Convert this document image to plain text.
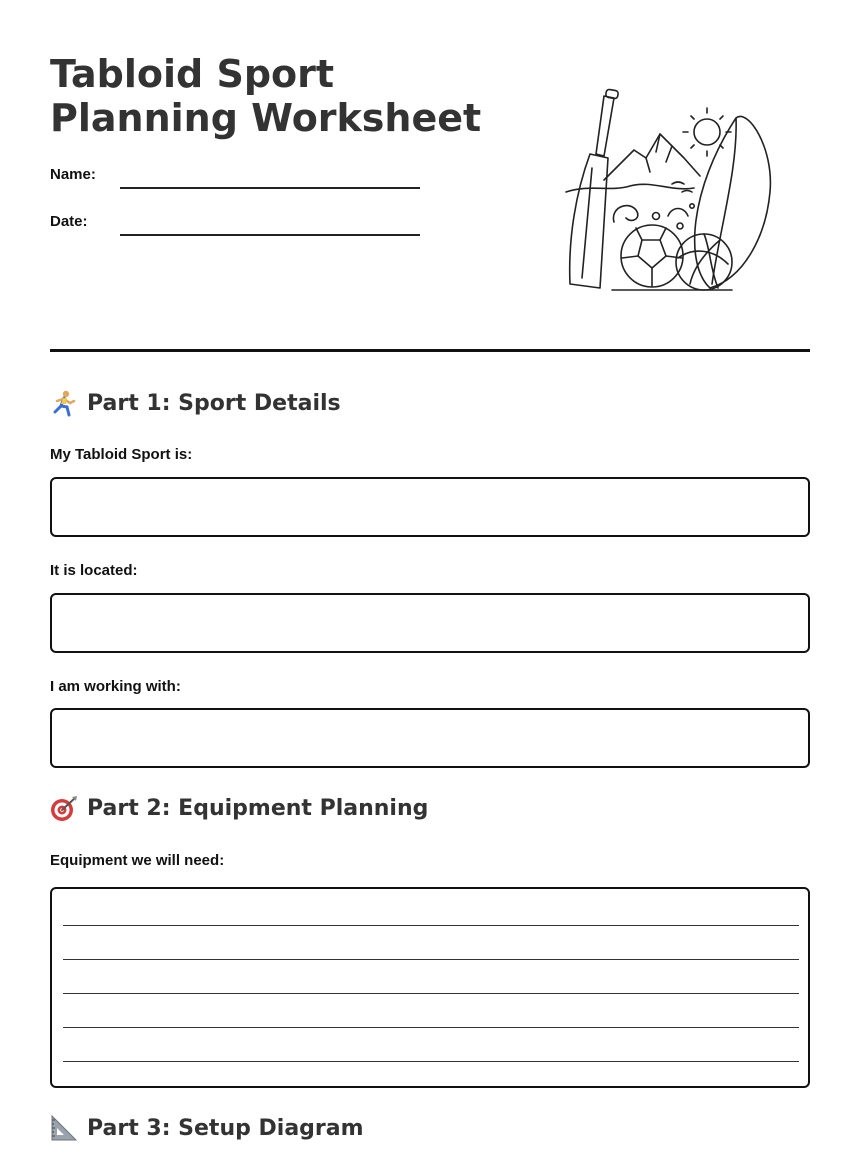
Tabloid Sport Planning Worksheet
Name:
Date:
Part 1: Sport Details
My Tabloid Sport is:
It is located:
I am working with:
Part 2: Equipment Planning
Equipment we will need:
Part 3: Setup Diagram
